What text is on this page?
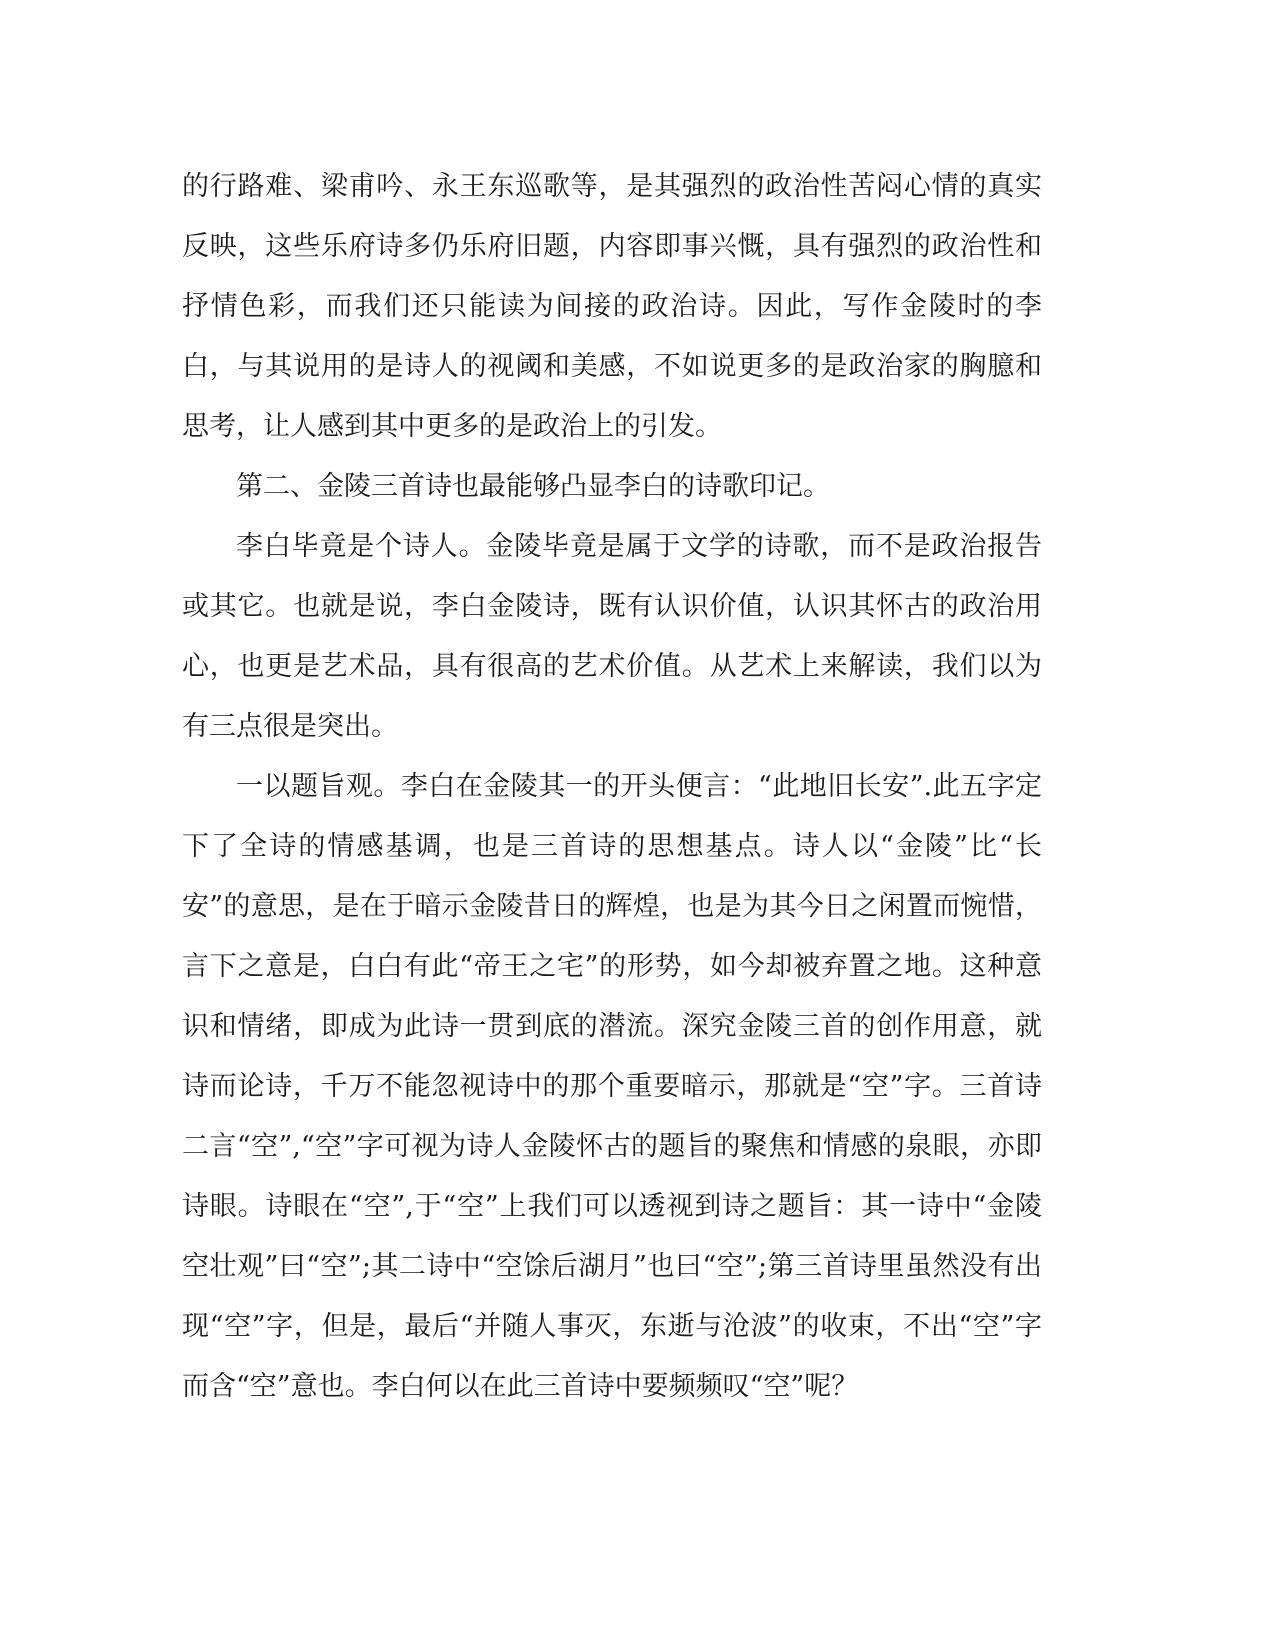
的行路难、梁甫吟、永王东巡歌等，是其强烈的政治性苦闷心情的真实反映，这些乐府诗多仍乐府旧题，内容即事兴慨，具有强烈的政治性和抒情色彩，而我们还只能读为间接的政治诗。因此，写作金陵时的李白，与其说用的是诗人的视阈和美感，不如说更多的是政治家的胸臆和思考，让人感到其中更多的是政治上的引发。

第二、金陵三首诗也最能够凸显李白的诗歌印记。

李白毕竟是个诗人。金陵毕竟是属于文学的诗歌，而不是政治报告或其它。也就是说，李白金陵诗，既有认识价值，认识其怀古的政治用心，也更是艺术品，具有很高的艺术价值。从艺术上来解读，我们以为有三点很是突出。

一以题旨观。李白在金陵其一的开头便言：“此地旧长安”.此五字定下了全诗的情感基调，也是三首诗的思想基点。诗人以“金陵”比“长安”的意思，是在于暗示金陵昔日的辉煌，也是为其今日之闲置而惋惜，言下之意是，白白有此“帝王之宅”的形势，如今却被弃置之地。这种意识和情绪，即成为此诗一贯到底的潜流。深究金陵三首的创作用意，就诗而论诗，千万不能忽视诗中的那个重要暗示，那就是“空”字。三首诗二言“空”,“空”字可视为诗人金陵怀古的题旨的聚焦和情感的泉眼，亦即诗眼。诗眼在“空”,于“空”上我们可以透视到诗之题旨：其一诗中“金陵空壮观”曰“空”;其二诗中“空馀后湖月”也曰“空”;第三首诗里虽然没有出现“空”字，但是，最后“并随人事灭，东逝与沧波”的收束，不出“空”字而含“空”意也。李白何以在此三首诗中要频频叹“空”呢？
